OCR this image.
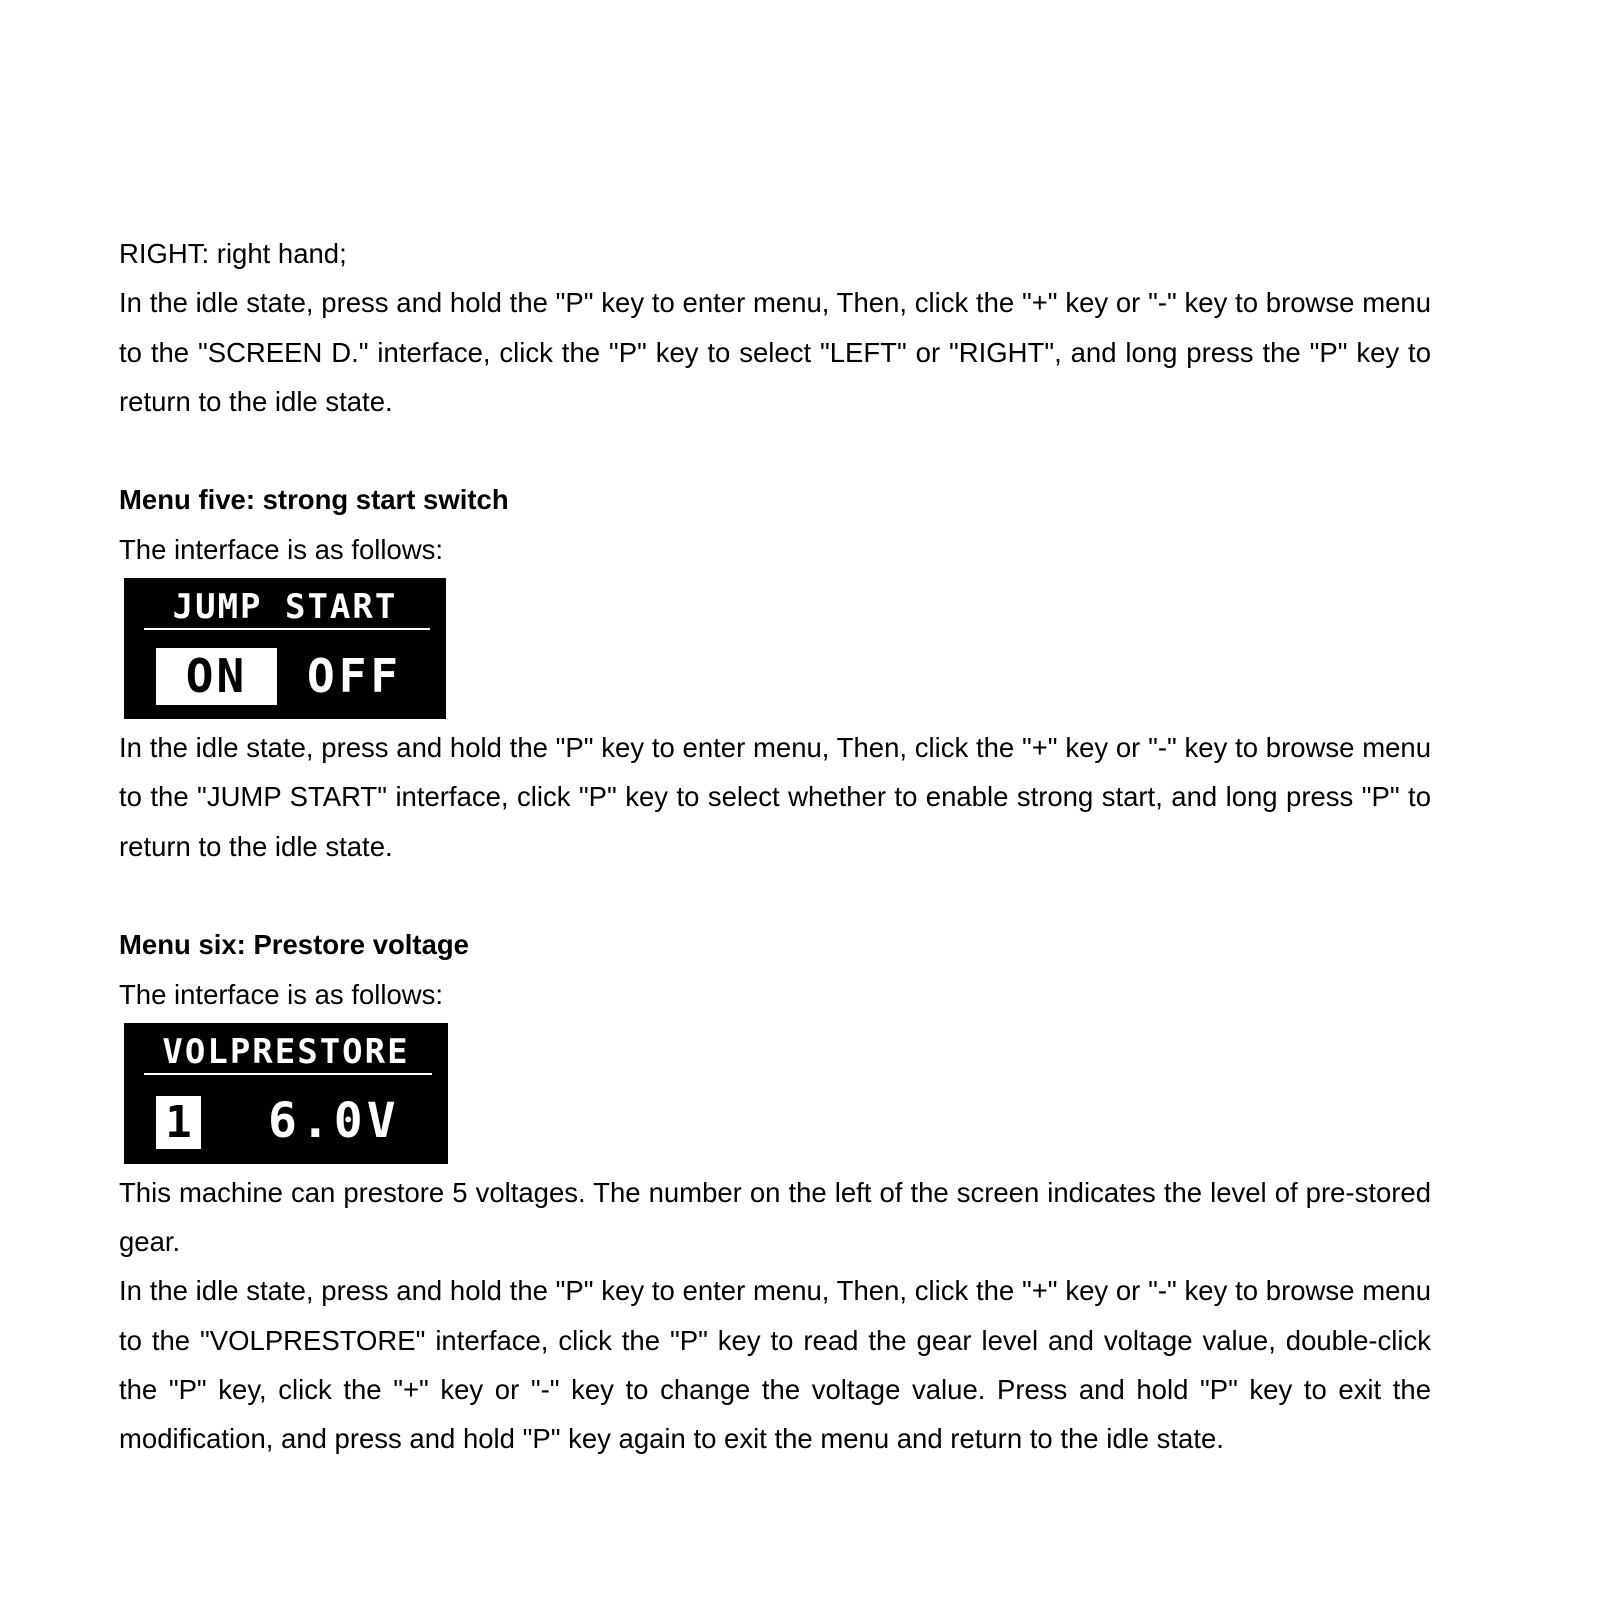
RIGHT: right hand;

In the idle state, press and hold the "P" key to enter menu, Then, click the "+" key or "-" key to browse menu to the "SCREEN D." interface, click the "P" key to select "LEFT" or "RIGHT", and long press the "P" key to return to the idle state.

Menu five: strong start switch

The interface is as follows:

JUMP START
ON	OFF

In the idle state, press and hold the "P" key to enter menu, Then, click the "+" key or "-" key to browse menu to the "JUMP START" interface, click "P" key to select whether to enable strong start, and long press "P" to return to the idle state.

Menu six: Prestore voltage

The interface is as follows:

VOLPRESTORE
1 6.0V

This machine can prestore 5 voltages. The number on the left of the screen indicates the level of pre-stored gear.

In the idle state, press and hold the "P" key to enter menu, Then, click the "+" key or "-" key to browse menu to the "VOLPRESTORE" interface, click the "P" key to read the gear level and voltage value, double-click the "P" key, click the "+" key or "-" key to change the voltage value. Press and hold "P" key to exit the modification, and press and hold "P" key again to exit the menu and return to the idle state.
